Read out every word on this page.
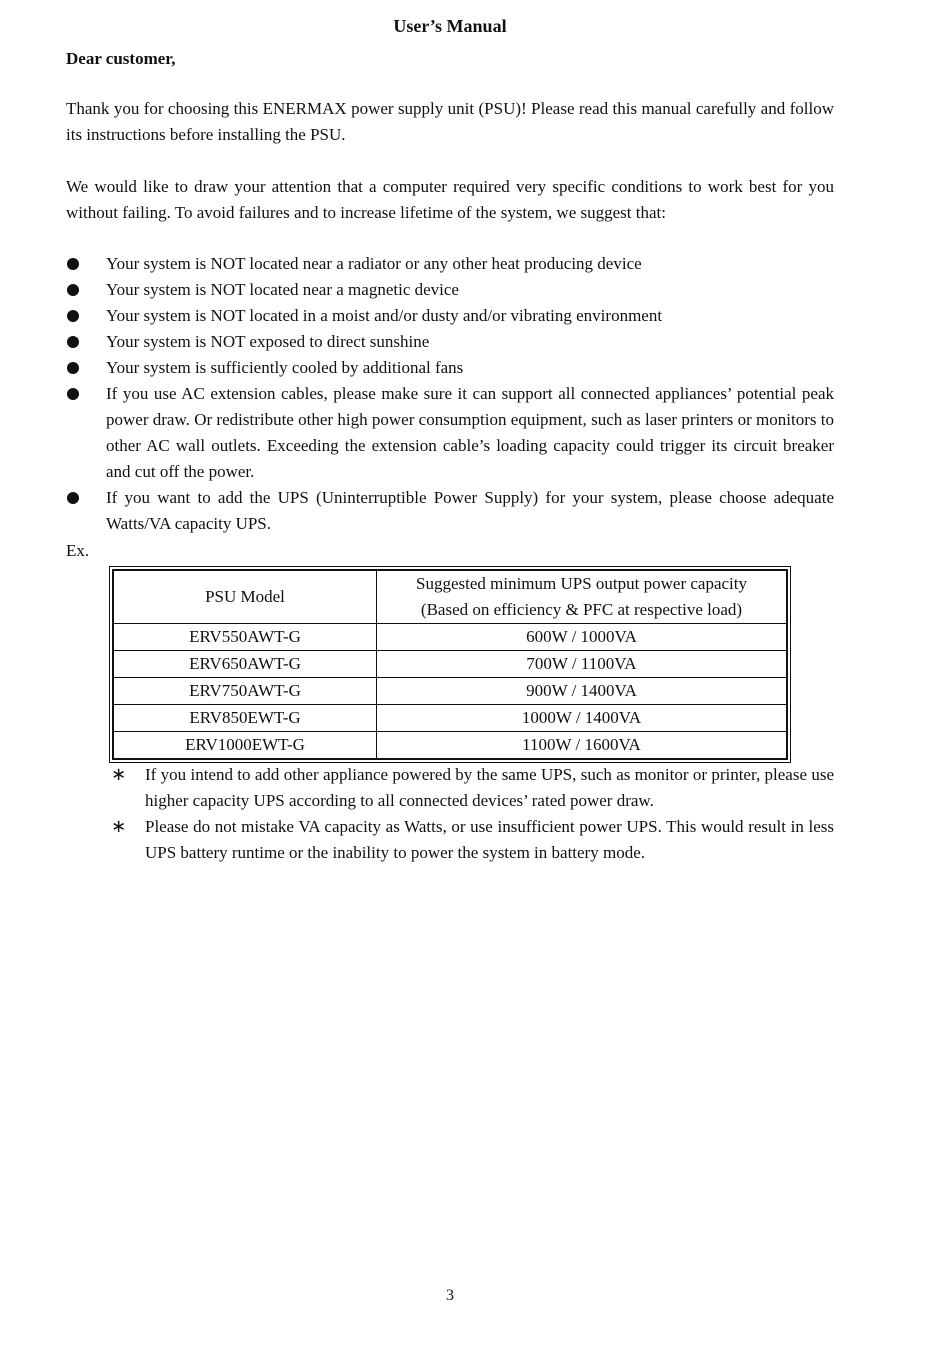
User’s Manual
Dear customer,
Thank you for choosing this ENERMAX power supply unit (PSU)! Please read this manual carefully and follow its instructions before installing the PSU.
We would like to draw your attention that a computer required very specific conditions to work best for you without failing. To avoid failures and to increase lifetime of the system, we suggest that:
Your system is NOT located near a radiator or any other heat producing device
Your system is NOT located near a magnetic device
Your system is NOT located in a moist and/or dusty and/or vibrating environment
Your system is NOT exposed to direct sunshine
Your system is sufficiently cooled by additional fans
If you use AC extension cables, please make sure it can support all connected appliances’ potential peak power draw. Or redistribute other high power consumption equipment, such as laser printers or monitors to other AC wall outlets. Exceeding the extension cable’s loading capacity could trigger its circuit breaker and cut off the power.
If you want to add the UPS (Uninterruptible Power Supply) for your system, please choose adequate Watts/VA capacity UPS.
Ex.
PSU Model	Suggested minimum UPS output power capacity
(Based on efficiency & PFC at respective load)

ERV550AWT-G	600W / 1000VA
ERV650AWT-G	700W / 1100VA
ERV750AWT-G	900W / 1400VA
ERV850EWT-G	1000W / 1400VA
ERV1000EWT-G	1100W / 1600VA
∗ If you intend to add other appliance powered by the same UPS, such as monitor or printer, please use higher capacity UPS according to all connected devices’ rated power draw.
∗ Please do not mistake VA capacity as Watts, or use insufficient power UPS. This would result in less UPS battery runtime or the inability to power the system in battery mode.
3
